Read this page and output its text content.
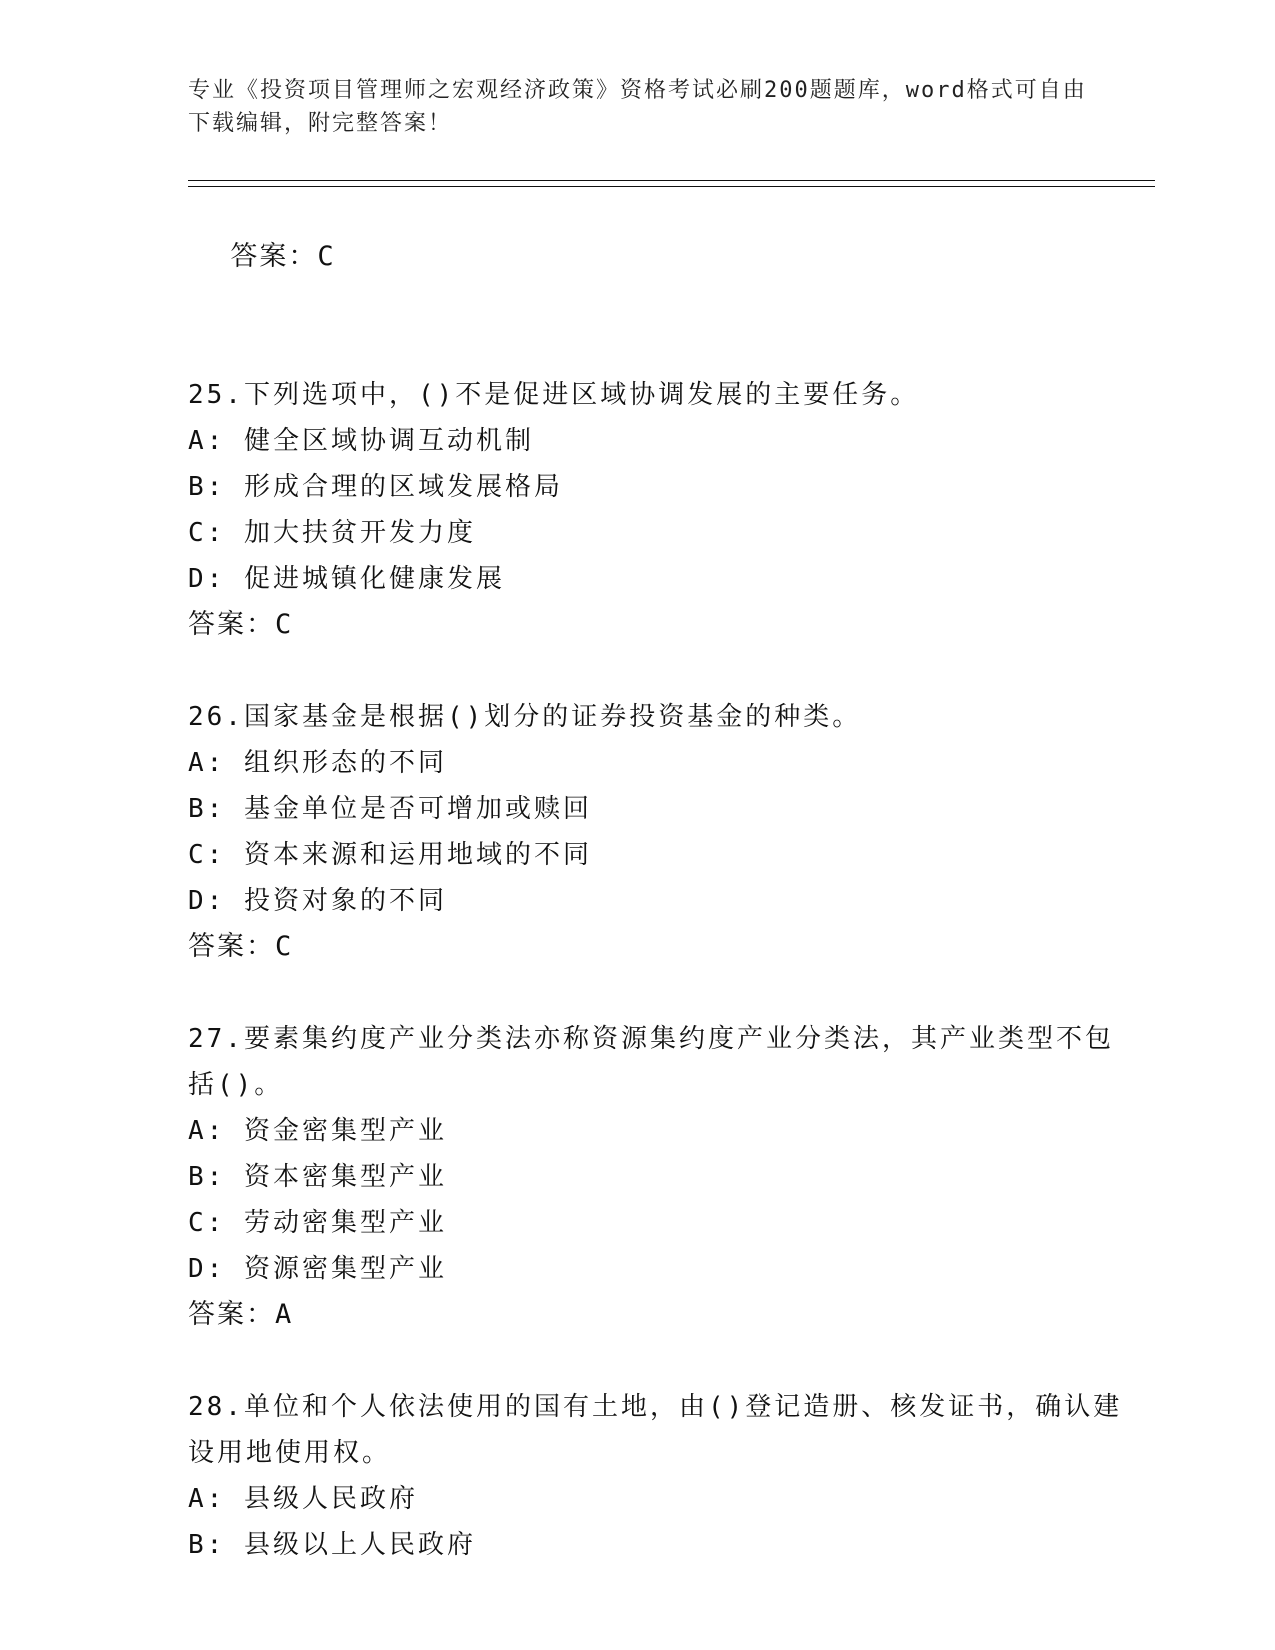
专业《投资项目管理师之宏观经济政策》资格考试必刷200题题库，word格式可自由下载编辑，附完整答案！

答案：C

25.下列选项中，()不是促进区域协调发展的主要任务。
A: 健全区域协调互动机制
B: 形成合理的区域发展格局
C: 加大扶贫开发力度
D: 促进城镇化健康发展
答案：C
26.国家基金是根据()划分的证券投资基金的种类。
A: 组织形态的不同
B: 基金单位是否可增加或赎回
C: 资本来源和运用地域的不同
D: 投资对象的不同
答案：C
27.要素集约度产业分类法亦称资源集约度产业分类法，其产业类型不包括()。
A: 资金密集型产业
B: 资本密集型产业
C: 劳动密集型产业
D: 资源密集型产业
答案：A
28.单位和个人依法使用的国有土地，由()登记造册、核发证书，确认建设用地使用权。
A: 县级人民政府
B: 县级以上人民政府
